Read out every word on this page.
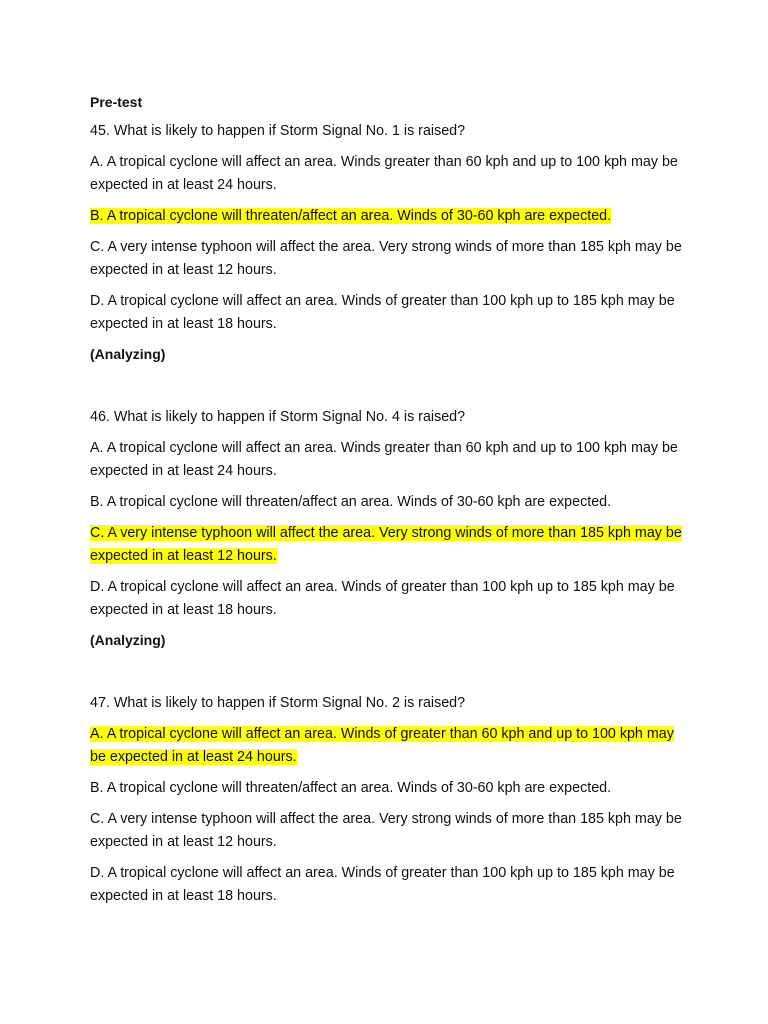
Pre-test
45. What is likely to happen if Storm Signal No. 1 is raised?
A. A tropical cyclone will affect an area. Winds greater than 60 kph and up to 100 kph may be expected in at least 24 hours.
B. A tropical cyclone will threaten/affect an area. Winds of 30-60 kph are expected.
C. A very intense typhoon will affect the area. Very strong winds of more than 185 kph may be expected in at least 12 hours.
D. A tropical cyclone will affect an area. Winds of greater than 100 kph up to 185 kph may be expected in at least 18 hours.
(Analyzing)
46. What is likely to happen if Storm Signal No. 4 is raised?
A. A tropical cyclone will affect an area. Winds greater than 60 kph and up to 100 kph may be expected in at least 24 hours.
B. A tropical cyclone will threaten/affect an area. Winds of 30-60 kph are expected.
C. A very intense typhoon will affect the area. Very strong winds of more than 185 kph may be expected in at least 12 hours.
D. A tropical cyclone will affect an area. Winds of greater than 100 kph up to 185 kph may be expected in at least 18 hours.
(Analyzing)
47. What is likely to happen if Storm Signal No. 2 is raised?
A. A tropical cyclone will affect an area. Winds of greater than 60 kph and up to 100 kph may be expected in at least 24 hours.
B. A tropical cyclone will threaten/affect an area. Winds of 30-60 kph are expected.
C. A very intense typhoon will affect the area. Very strong winds of more than 185 kph may be expected in at least 12 hours.
D. A tropical cyclone will affect an area. Winds of greater than 100 kph up to 185 kph may be expected in at least 18 hours.
